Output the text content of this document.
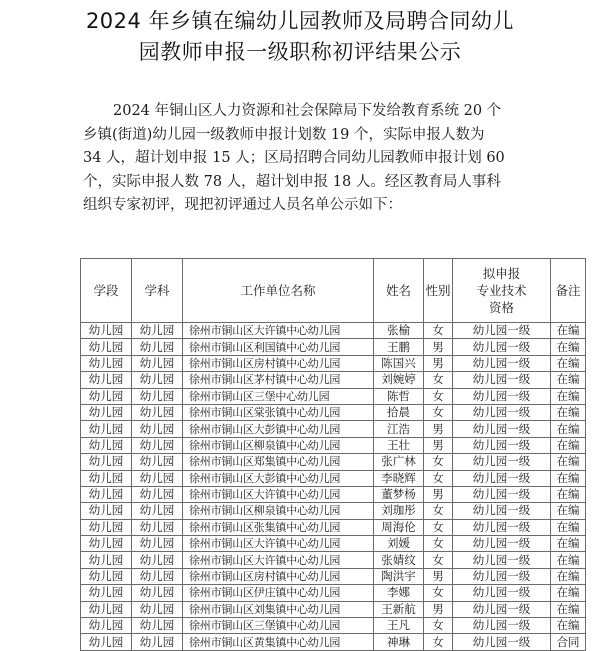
2024 年乡镇在编幼儿园教师及局聘合同幼儿
园教师申报一级职称初评结果公示
2024 年铜山区人力资源和社会保障局下发给教育系统 20 个
乡镇(街道)幼儿园一级教师申报计划数 19 个，实际申报人数为
34 人，超计划申报 15 人；区局招聘合同幼儿园教师申报计划 60
个，实际申报人数 78 人，超计划申报 18 人。经区教育局人事科
组织专家初评，现把初评通过人员名单公示如下：
学段	学科	工作单位名称	姓名	性别	拟申报
专业技术
资格	备注
幼儿园	幼儿园	徐州市铜山区大许镇中心幼儿园	张榆	女	幼儿园一级	在编
幼儿园	幼儿园	徐州市铜山区利国镇中心幼儿园	王鹏	男	幼儿园一级	在编
幼儿园	幼儿园	徐州市铜山区房村镇中心幼儿园	陈国兴	男	幼儿园一级	在编
幼儿园	幼儿园	徐州市铜山区茅村镇中心幼儿园	刘婉婷	女	幼儿园一级	在编
幼儿园	幼儿园	徐州市铜山区三堡中心幼儿园	陈哲	女	幼儿园一级	在编
幼儿园	幼儿园	徐州市铜山区棠张镇中心幼儿园	拾晨	女	幼儿园一级	在编
幼儿园	幼儿园	徐州市铜山区大彭镇中心幼儿园	江浩	男	幼儿园一级	在编
幼儿园	幼儿园	徐州市铜山区柳泉镇中心幼儿园	王壮	男	幼儿园一级	在编
幼儿园	幼儿园	徐州市铜山区郑集镇中心幼儿园	张广林	女	幼儿园一级	在编
幼儿园	幼儿园	徐州市铜山区大彭镇中心幼儿园	李晓辉	女	幼儿园一级	在编
幼儿园	幼儿园	徐州市铜山区大许镇中心幼儿园	董梦杨	男	幼儿园一级	在编
幼儿园	幼儿园	徐州市铜山区柳泉镇中心幼儿园	刘珈彤	女	幼儿园一级	在编
幼儿园	幼儿园	徐州市铜山区张集镇中心幼儿园	周海伦	女	幼儿园一级	在编
幼儿园	幼儿园	徐州市铜山区大许镇中心幼儿园	刘媛	女	幼儿园一级	在编
幼儿园	幼儿园	徐州市铜山区大许镇中心幼儿园	张婧纹	女	幼儿园一级	在编
幼儿园	幼儿园	徐州市铜山区房村镇中心幼儿园	陶洪宇	男	幼儿园一级	在编
幼儿园	幼儿园	徐州市铜山区伊庄镇中心幼儿园	李娜	女	幼儿园一级	在编
幼儿园	幼儿园	徐州市铜山区刘集镇中心幼儿园	王新航	男	幼儿园一级	在编
幼儿园	幼儿园	徐州市铜山区三堡镇中心幼儿园	王凡	女	幼儿园一级	在编
幼儿园	幼儿园	徐州市铜山区黄集镇中心幼儿园	神琳	女	幼儿园一级	合同
